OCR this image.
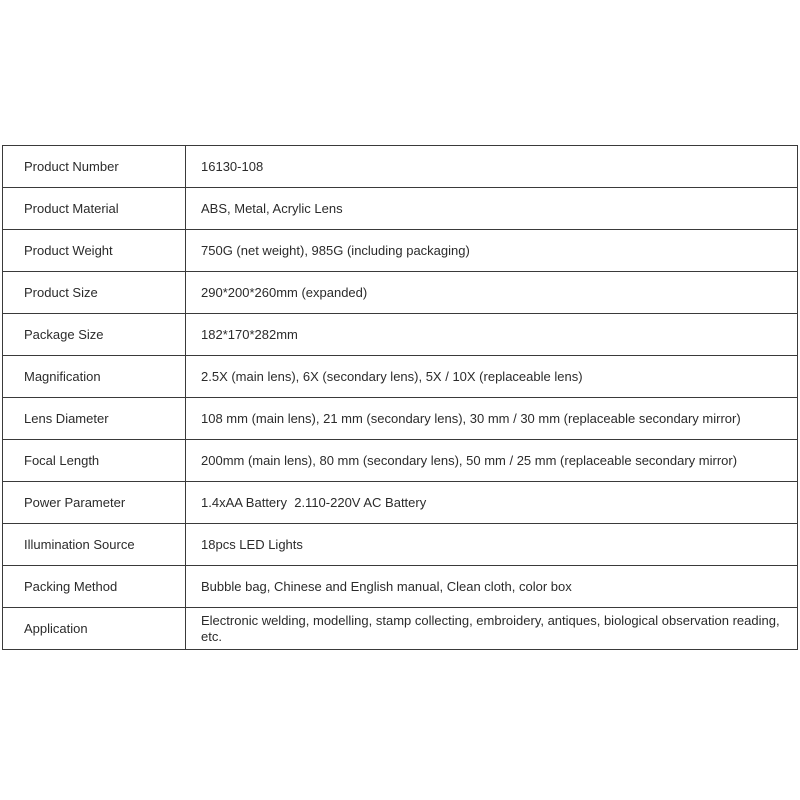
Product Number	16130-108
Product Material	ABS, Metal, Acrylic Lens
Product Weight	750G (net weight), 985G (including packaging)
Product Size	290*200*260mm (expanded)
Package Size	182*170*282mm
Magnification	2.5X (main lens), 6X (secondary lens), 5X / 10X (replaceable lens)
Lens Diameter	108 mm (main lens), 21 mm (secondary lens), 30 mm / 30 mm (replaceable secondary mirror)
Focal Length	200mm (main lens), 80 mm (secondary lens), 50 mm / 25 mm (replaceable secondary mirror)
Power Parameter	1.4xAA Battery  2.110-220V AC Battery
Illumination Source	18pcs LED Lights
Packing Method	Bubble bag, Chinese and English manual, Clean cloth, color box
Application	Electronic welding, modelling, stamp collecting, embroidery, antiques, biological observation reading, etc.
